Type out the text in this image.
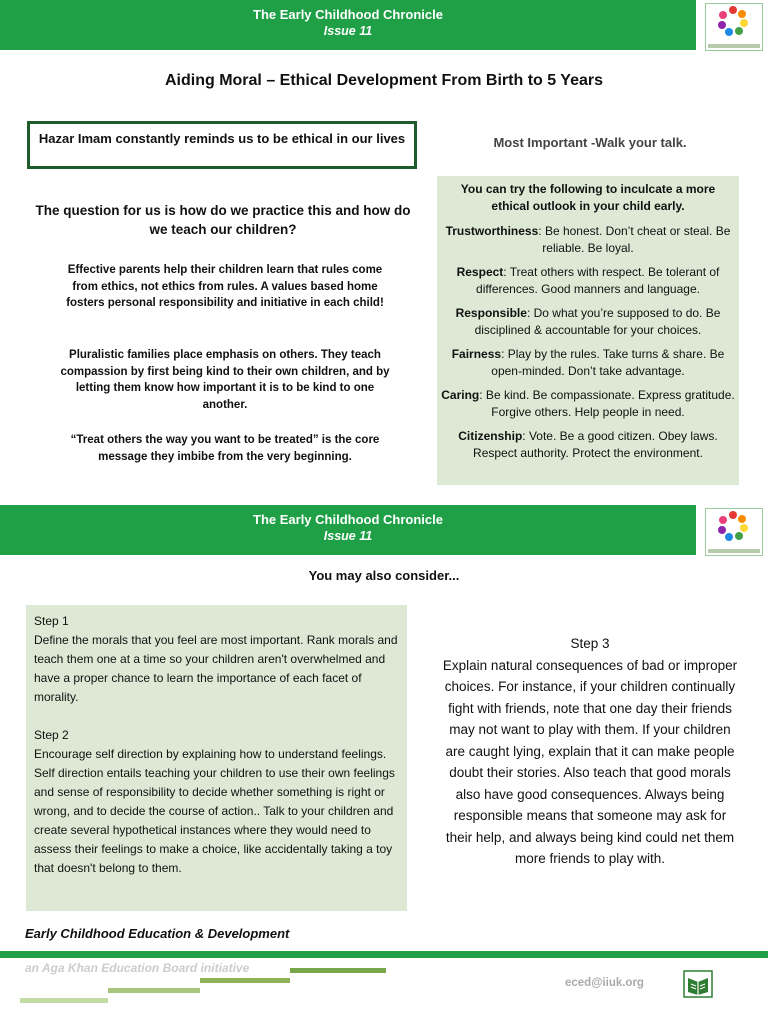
The Early Childhood Chronicle
Issue 11
Aiding Moral – Ethical Development From Birth to 5 Years
Hazar Imam constantly reminds us to be ethical in our lives	Most Important -Walk your talk.
The question for us is how do we practice this and how do we teach our children?
Effective parents help their children learn that rules come from ethics, not ethics from rules. A values based home fosters personal responsibility and initiative in each child!
Pluralistic families place emphasis on others. They teach compassion by first being kind to their own children, and by letting them know how important it is to be kind to one another.
“Treat others the way you want to be treated” is the core message they imbibe from the very beginning.
You can try the following to inculcate a more ethical outlook in your child early.
Trustworthiness: Be honest. Don’t cheat or steal. Be reliable. Be loyal.
Respect: Treat others with respect. Be tolerant of differences. Good manners and language.
Responsible: Do what you’re supposed to do. Be disciplined & accountable for your choices.
Fairness: Play by the rules. Take turns & share. Be open-minded. Don’t take advantage.
Caring: Be kind. Be compassionate. Express gratitude. Forgive others. Help people in need.
Citizenship: Vote. Be a good citizen. Obey laws. Respect authority. Protect the environment.
The Early Childhood Chronicle
Issue 11
You may also consider...
Step 1
Define the morals that you feel are most important. Rank morals and teach them one at a time so your children aren't overwhelmed and have a proper chance to learn the importance of each facet of morality.
Step 2
Encourage self direction by explaining how to understand feelings. Self direction entails teaching your children to use their own feelings and sense of responsibility to decide whether something is right or wrong, and to decide the course of action.. Talk to your children and create several hypothetical instances where they would need to assess their feelings to make a choice, like accidentally taking a toy that doesn't belong to them.
Step 3
Explain natural consequences of bad or improper choices. For instance, if your children continually fight with friends, note that one day their friends may not want to play with them. If your children are caught lying, explain that it can make people doubt their stories. Also teach that good morals also have good consequences. Always being responsible means that someone may ask for their help, and always being kind could net them more friends to play with.
Early Childhood Education & Development
an Aga Khan Education Board initiative
eced@iiuk.org
